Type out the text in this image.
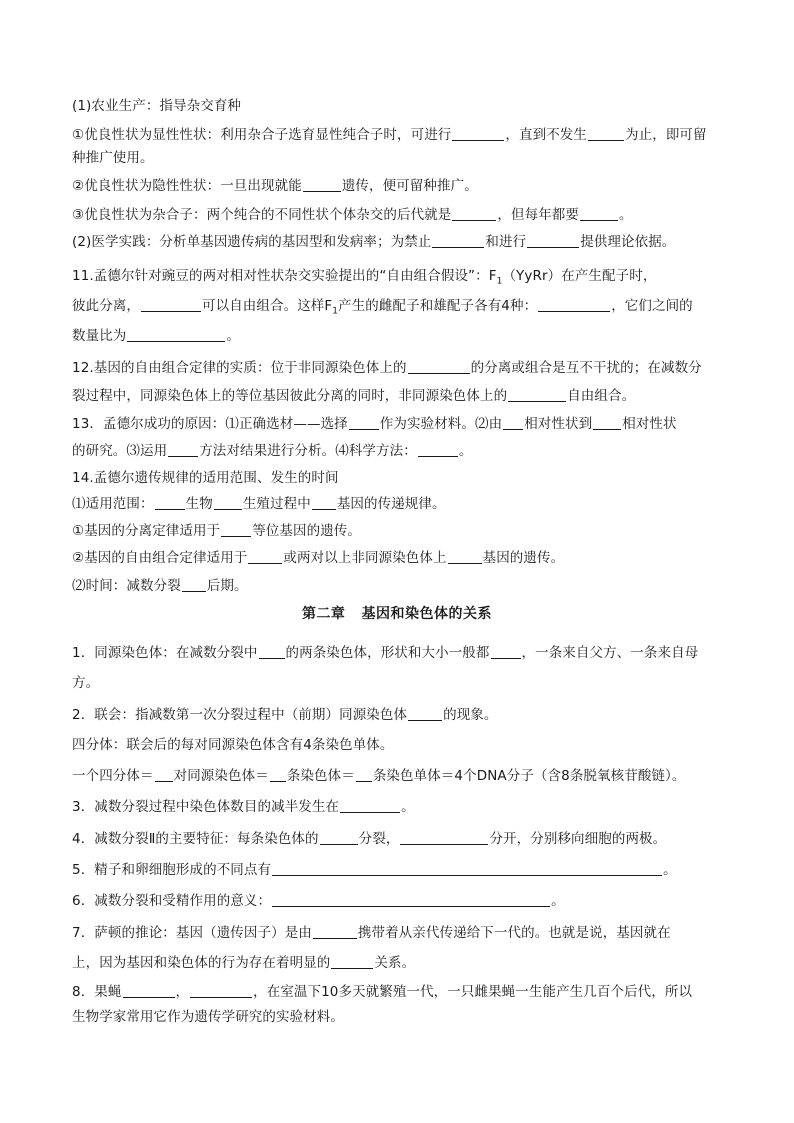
(1)农业生产：指导杂交育种
①优良性状为显性性状：利用杂合子选育显性纯合子时，可进行	，直到不发生	为止，即可留
种推广使用。
②优良性状为隐性性状：一旦出现就能	遗传，便可留种推广。
③优良性状为杂合子：两个纯合的不同性状个体杂交的后代就是	，但每年都要	。
(2)医学实践：分析单基因遗传病的基因型和发病率；为禁止	和进行	提供理论依据。
11.孟德尔针对豌豆的两对相对性状杂交实验提出的“自由组合假设”：$F_1(YyRr)$在产生配子时，
彼此分离，	可以自由组合。这样$F_1$产生的雌配子和雄配子各有4种：	，它们之间的
数量比为	。
12.基因的自由组合定律的实质：位于非同源染色体上的	的分离或组合是互不干扰的；在减数分
裂过程中，同源染色体上的等位基因彼此分离的同时，非同源染色体上的	自由组合。
13．孟德尔成功的原因：⑴正确选材——选择 作为实验材料。⑵由 相对性状到 相对性状
的研究。⑶运用 方法对结果进行分析。⑷科学方法：	。
14.孟德尔遗传规律的适用范围、发生的时间
⑴适用范围： 生物 生殖过程中 基因的传递规律。
①基因的分离定律适用于 等位基因的遗传。
②基因的自由组合定律适用于	或两对以上非同源染色体上	基因的遗传。
⑵时间：减数分裂 后期。
第二章   基因和染色体的关系
1．同源染色体：在减数分裂中 的两条染色体，形状和大小一般都 ，一条来自父方、一条来自母
方。
2．联会：指减数第一次分裂过程中（前期）同源染色体	的现象。
四分体：联会后的每对同源染色体含有4条染色单体。
一个四分体＝ 对同源染色体＝ 条染色体＝ 条染色单体＝4个DNA分子（含8条脱氧核苷酸链）。
3．减数分裂过程中染色体数目的减半发生在	。
4．减数分裂Ⅱ的主要特征：每条染色体的	分裂，	分开，分别移向细胞的两极。
5．精子和卵细胞形成的不同点有	。
6．减数分裂和受精作用的意义：	。
7．萨顿的推论：基因（遗传因子）是由	携带着从亲代传递给下一代的。也就是说，基因就在
上，因为基因和染色体的行为存在着明显的	关系。
8．果蝇	，	，在室温下10多天就繁殖一代，一只雌果蝇一生能产生几百个后代，所以
生物学家常用它作为遗传学研究的实验材料。
